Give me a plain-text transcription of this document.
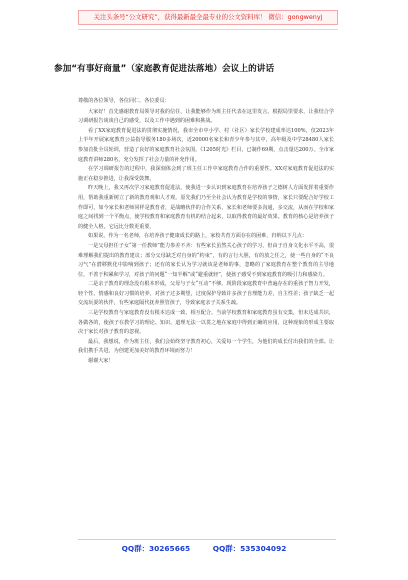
关注头条号“公文研究”，获得最新最全最专业的公文资料库！ 微信：gongwenyj
参加“有事好商量”（家庭教育促进法落地）会议上的讲话

尊敬的各位领导，各位同仁，各位委员：

大家好！首先感谢教育局领导对我的信任，让我能够作为班主任代表在这里发言。根据局里要求，让我结合学习调研报告谈谈自己的感受，以及工作中遇到的困难和挑战。

看了XX家庭教育促进法的贯彻实施情况，我市全市中小学、村（社区）家长学校建成率达100%，仅2023年上半年开展家庭教育公益指导服务180多场次，近20000名家长和青少年参与其中，高年级及中学28480人家长参加首批全员轮训，营造了良好的家庭教育社会氛围。《1205时光》栏目，已制作69期，点击量达200万。全市家庭教育讲师280名，充分发挥了社会力量的补充作用。

在学习调研报告的过程中，我深刻体会到了班主任工作中家庭教育合作的重要性。XX对家庭教育促进法的实施正在稳步推进，让我深受鼓舞。

昨天晚上，我又再次学习家庭教育促进法，使我进一步认识到家庭教育在培养孩子之德树人方面发挥着重要作用，帮助我重新树立了新的教育观和人才观。原先我们乃至全社会认为教育是学校的事情，家长只要配合好学校工作即可，如今家长和老师同样是教育者，是战略伙伴的合作关系，家长和老师要多沟通，多交流，从而在学校和家庭之间找到一个平衡点，使学校教育和家庭教育有机的结合起来，以取得教育的最好效果。教育的核心是培养孩子的健全人格，它远比分数更重要。

如果说，作为一名老师，在培养孩子健康成长的路上，家校共育方面存在的困难，归纳以下几点：

一是父母担任子女“第一任教师”能力参差不齐：有些家长虽然关心孩子的学习，但由于自身文化水平不高，很难理解我们提出的教育建议；部分父母缺乏对自身的“约束”，有的言行大胆，有的放之任之，使一些自身的“不良习气”在潜移默化中影响到孩子；还有的家长认为学习就该是老师的事，忽略的了家庭教育在整个教育的主导地位，不善于积累和学习，对孩子的问题“一知半解”或“避重就轻”，使孩子感受不到家庭教育的吸引力和感染力。

二是亲子教育的理念没有根本形成，父母与子女“互动”不够。现阶段家庭教育中普遍存在的重孩子智力开发，轻个性、情感和良好习惯的培养，对孩子过多期望，过度保护导致许多孩子自理能力差，自主性差；孩子缺乏一起交流玩耍的伙伴，有些家庭隔代抚养照管孩子，导致家庭亲子关系生疏。

三是学校教育与家庭教育没有根本达成一致、相互配合。当前学校教育和家庭教育虽有交集，但未达成共识，各做各的，使孩子在教学习的理论、知识、道理无法一以贯之地在家庭中得到正确的应用，这种现象的形成主要取决于家长对孩子教育的忽视。

最后，我想说，作为班主任，我们会始终坚守教育初心，关爱每一个学生，为他们的成长付出我们的全部。让我们携手共进，为创建更加美好的教育环境而努力！

谢谢大家！

QQ群：30265665	QQ群：535304092
